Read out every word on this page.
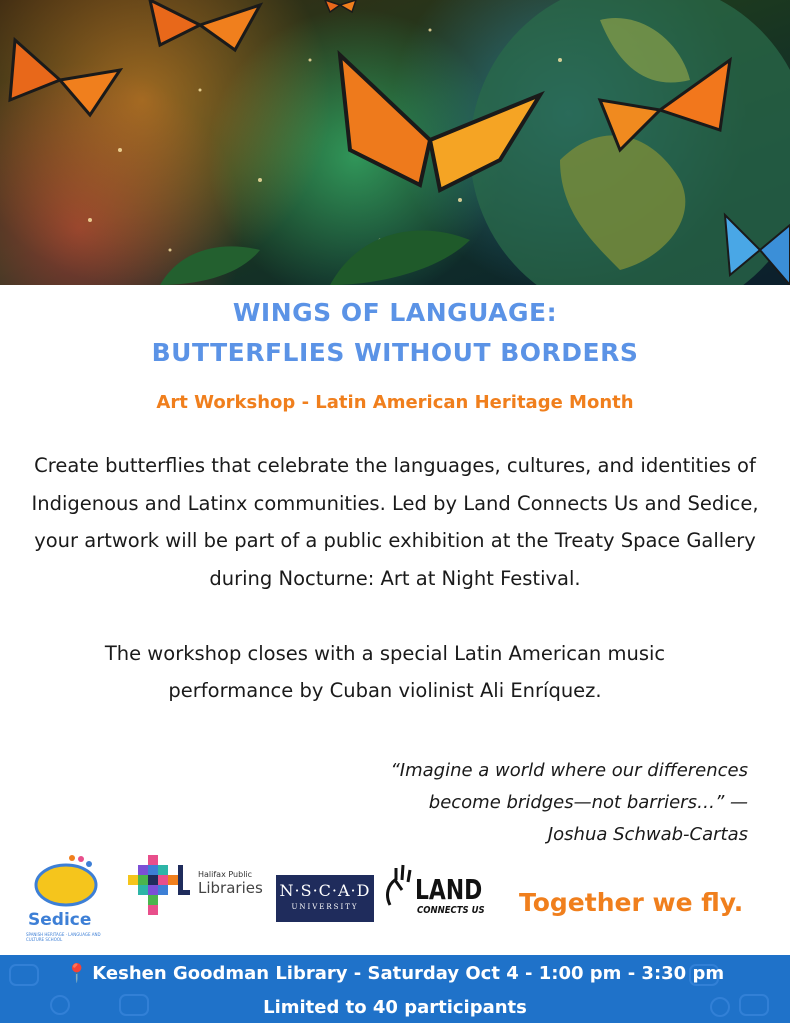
WINGS OF LANGUAGE:
BUTTERFLIES WITHOUT BORDERS
Art Workshop - Latin American Heritage Month
Create butterflies that celebrate the languages, cultures, and identities of Indigenous and Latinx communities. Led by Land Connects Us and Sedice, your artwork will be part of a public exhibition at the Treaty Space Gallery during Nocturne: Art at Night Festival.
The workshop closes with a special Latin American music performance by Cuban violinist Ali Enríquez.
“Imagine a world where our differences
become bridges—not barriers…” —
Joshua Schwab-Cartas
Sedice
SPANISH HERITAGE · LANGUAGE AND CULTURE SCHOOL
Halifax Public
Libraries N·S·C·A·D
UNIVERSITY
LAND
CONNECTS US Together we fly.
📍 Keshen Goodman Library - Saturday Oct 4 - 1:00 pm - 3:30 pm
Limited to 40 participants
